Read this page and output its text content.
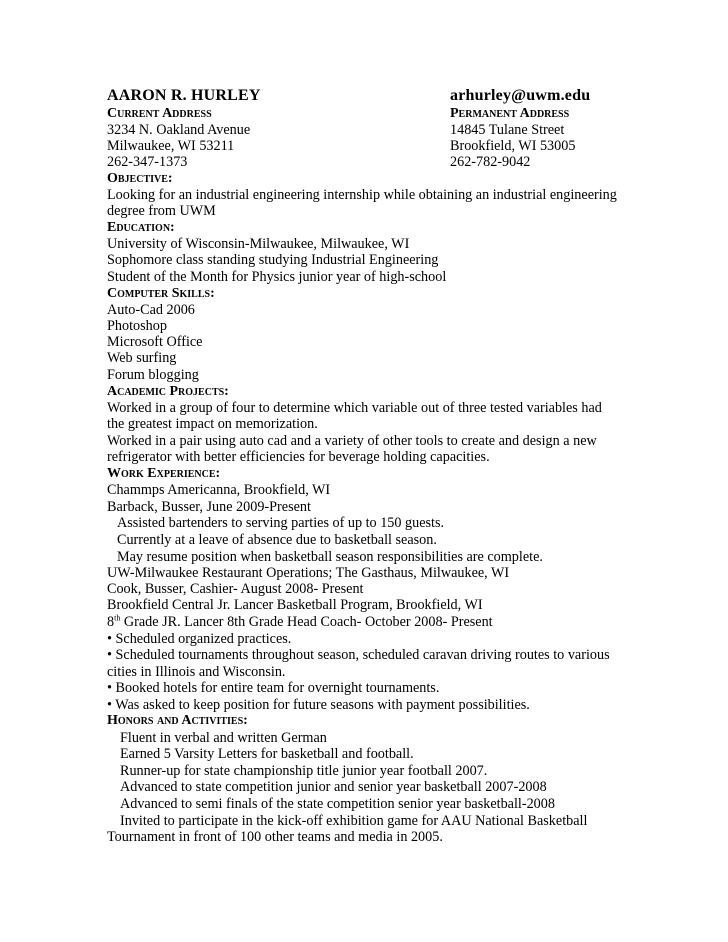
AARON R. HURLEY	arhurley@uwm.edu
Current Address	Permanent Address
3234 N. Oakland Avenue	14845 Tulane Street
Milwaukee, WI 53211	Brookfield, WI 53005
262-347-1373	262-782-9042
Objective:
Looking for an industrial engineering internship while obtaining an industrial engineering
degree from UWM
Education:
University of Wisconsin-Milwaukee, Milwaukee, WI
Sophomore class standing studying Industrial Engineering
Student of the Month for Physics junior year of high-school
Computer Skills:
Auto-Cad 2006
Photoshop
Microsoft Office
Web surfing
Forum blogging
Academic Projects:
Worked in a group of four to determine which variable out of three tested variables had
the greatest impact on memorization.
Worked in a pair using auto cad and a variety of other tools to create and design a new
refrigerator with better efficiencies for beverage holding capacities.
Work Experience:
Chammps Americanna, Brookfield, WI
Barback, Busser, June 2009-Present
Assisted bartenders to serving parties of up to 150 guests.
Currently at a leave of absence due to basketball season.
May resume position when basketball season responsibilities are complete.
UW-Milwaukee Restaurant Operations; The Gasthaus, Milwaukee, WI
Cook, Busser, Cashier- August 2008- Present
Brookfield Central Jr. Lancer Basketball Program, Brookfield, WI
8th Grade JR. Lancer 8th Grade Head Coach- October 2008- Present
• Scheduled organized practices.
• Scheduled tournaments throughout season, scheduled caravan driving routes to various
cities in Illinois and Wisconsin.
• Booked hotels for entire team for overnight tournaments.
• Was asked to keep position for future seasons with payment possibilities.
Honors and Activities:
Fluent in verbal and written German
Earned 5 Varsity Letters for basketball and football.
Runner-up for state championship title junior year football 2007.
Advanced to state competition junior and senior year basketball 2007-2008
Advanced to semi finals of the state competition senior year basketball-2008
Invited to participate in the kick-off exhibition game for AAU National Basketball
Tournament in front of 100 other teams and media in 2005.
